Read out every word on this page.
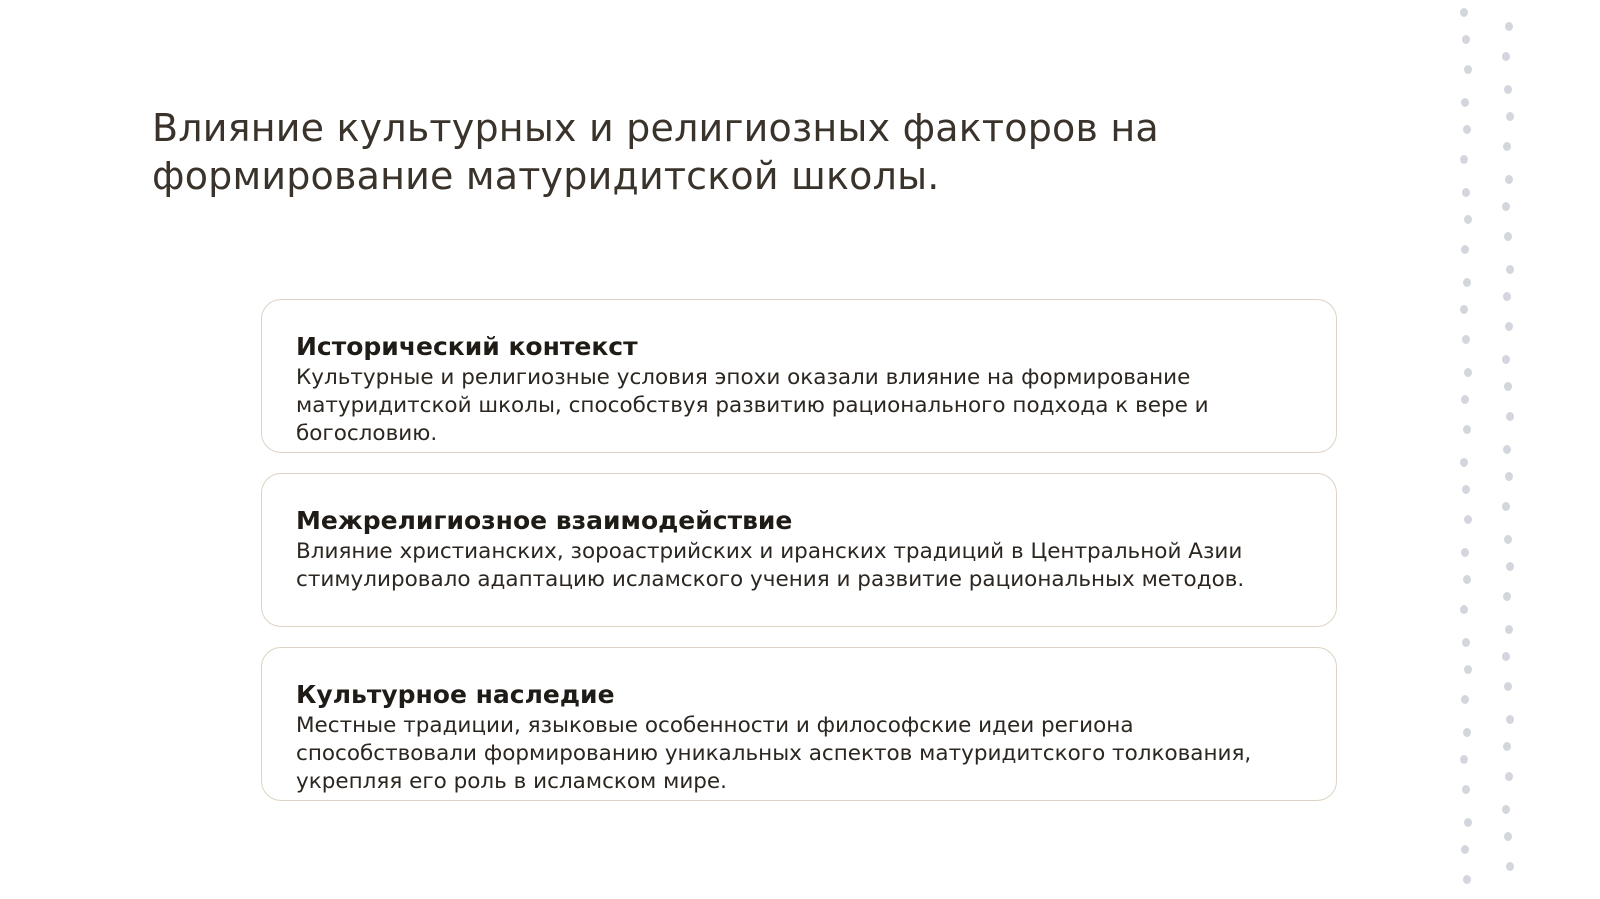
Влияние культурных и религиозных факторов на формирование матуридитской школы.
Исторический контекст

Культурные и религиозные условия эпохи оказали влияние на формирование матуридитской школы, способствуя развитию рационального подхода к вере и богословию.

Межрелигиозное взаимодействие

Влияние христианских, зороастрийских и иранских традиций в Центральной Азии стимулировало адаптацию исламского учения и развитие рациональных методов.

Культурное наследие

Местные традиции, языковые особенности и философские идеи региона способствовали формированию уникальных аспектов матуридитского толкования, укрепляя его роль в исламском мире.
